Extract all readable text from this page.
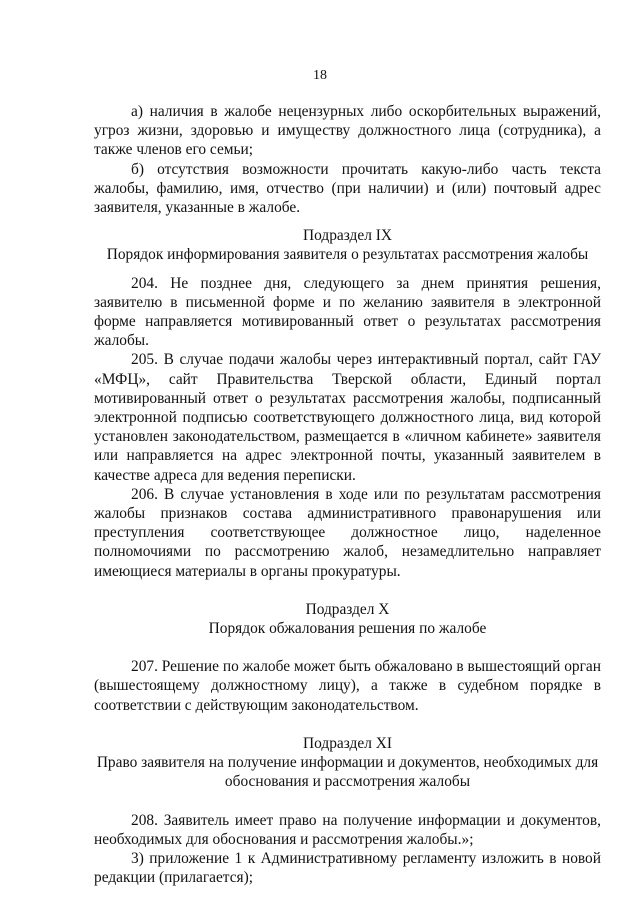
18

а) наличия в жалобе нецензурных либо оскорбительных выражений, угроз жизни, здоровью и имуществу должностного лица (сотрудника), а также членов его семьи;

б) отсутствия возможности прочитать какую-либо часть текста жалобы, фамилию, имя, отчество (при наличии) и (или) почтовый адрес заявителя, указанные в жалобе.

Подраздел IX

Порядок информирования заявителя о результатах рассмотрения жалобы

204. Не позднее дня, следующего за днем принятия решения, заявителю в письменной форме и по желанию заявителя в электронной форме направляется мотивированный ответ о результатах рассмотрения жалобы.

205. В случае подачи жалобы через интерактивный портал, сайт ГАУ «МФЦ», сайт Правительства Тверской области, Единый портал мотивированный ответ о результатах рассмотрения жалобы, подписанный электронной подписью соответствующего должностного лица, вид которой установлен законодательством, размещается в «личном кабинете» заявителя или направляется на адрес электронной почты, указанный заявителем в качестве адреса для ведения переписки.

206. В случае установления в ходе или по результатам рассмотрения жалобы признаков состава административного правонарушения или преступления соответствующее должностное лицо, наделенное полномочиями по рассмотрению жалоб, незамедлительно направляет имеющиеся материалы в органы прокуратуры.

Подраздел X

Порядок обжалования решения по жалобе

207. Решение по жалобе может быть обжаловано в вышестоящий орган (вышестоящему должностному лицу), а также в судебном порядке в соответствии с действующим законодательством.

Подраздел XI

Право заявителя на получение информации и документов, необходимых для обоснования и рассмотрения жалобы

208. Заявитель имеет право на получение информации и документов, необходимых для обоснования и рассмотрения жалобы.»;

3) приложение 1 к Административному регламенту изложить в новой редакции (прилагается);
